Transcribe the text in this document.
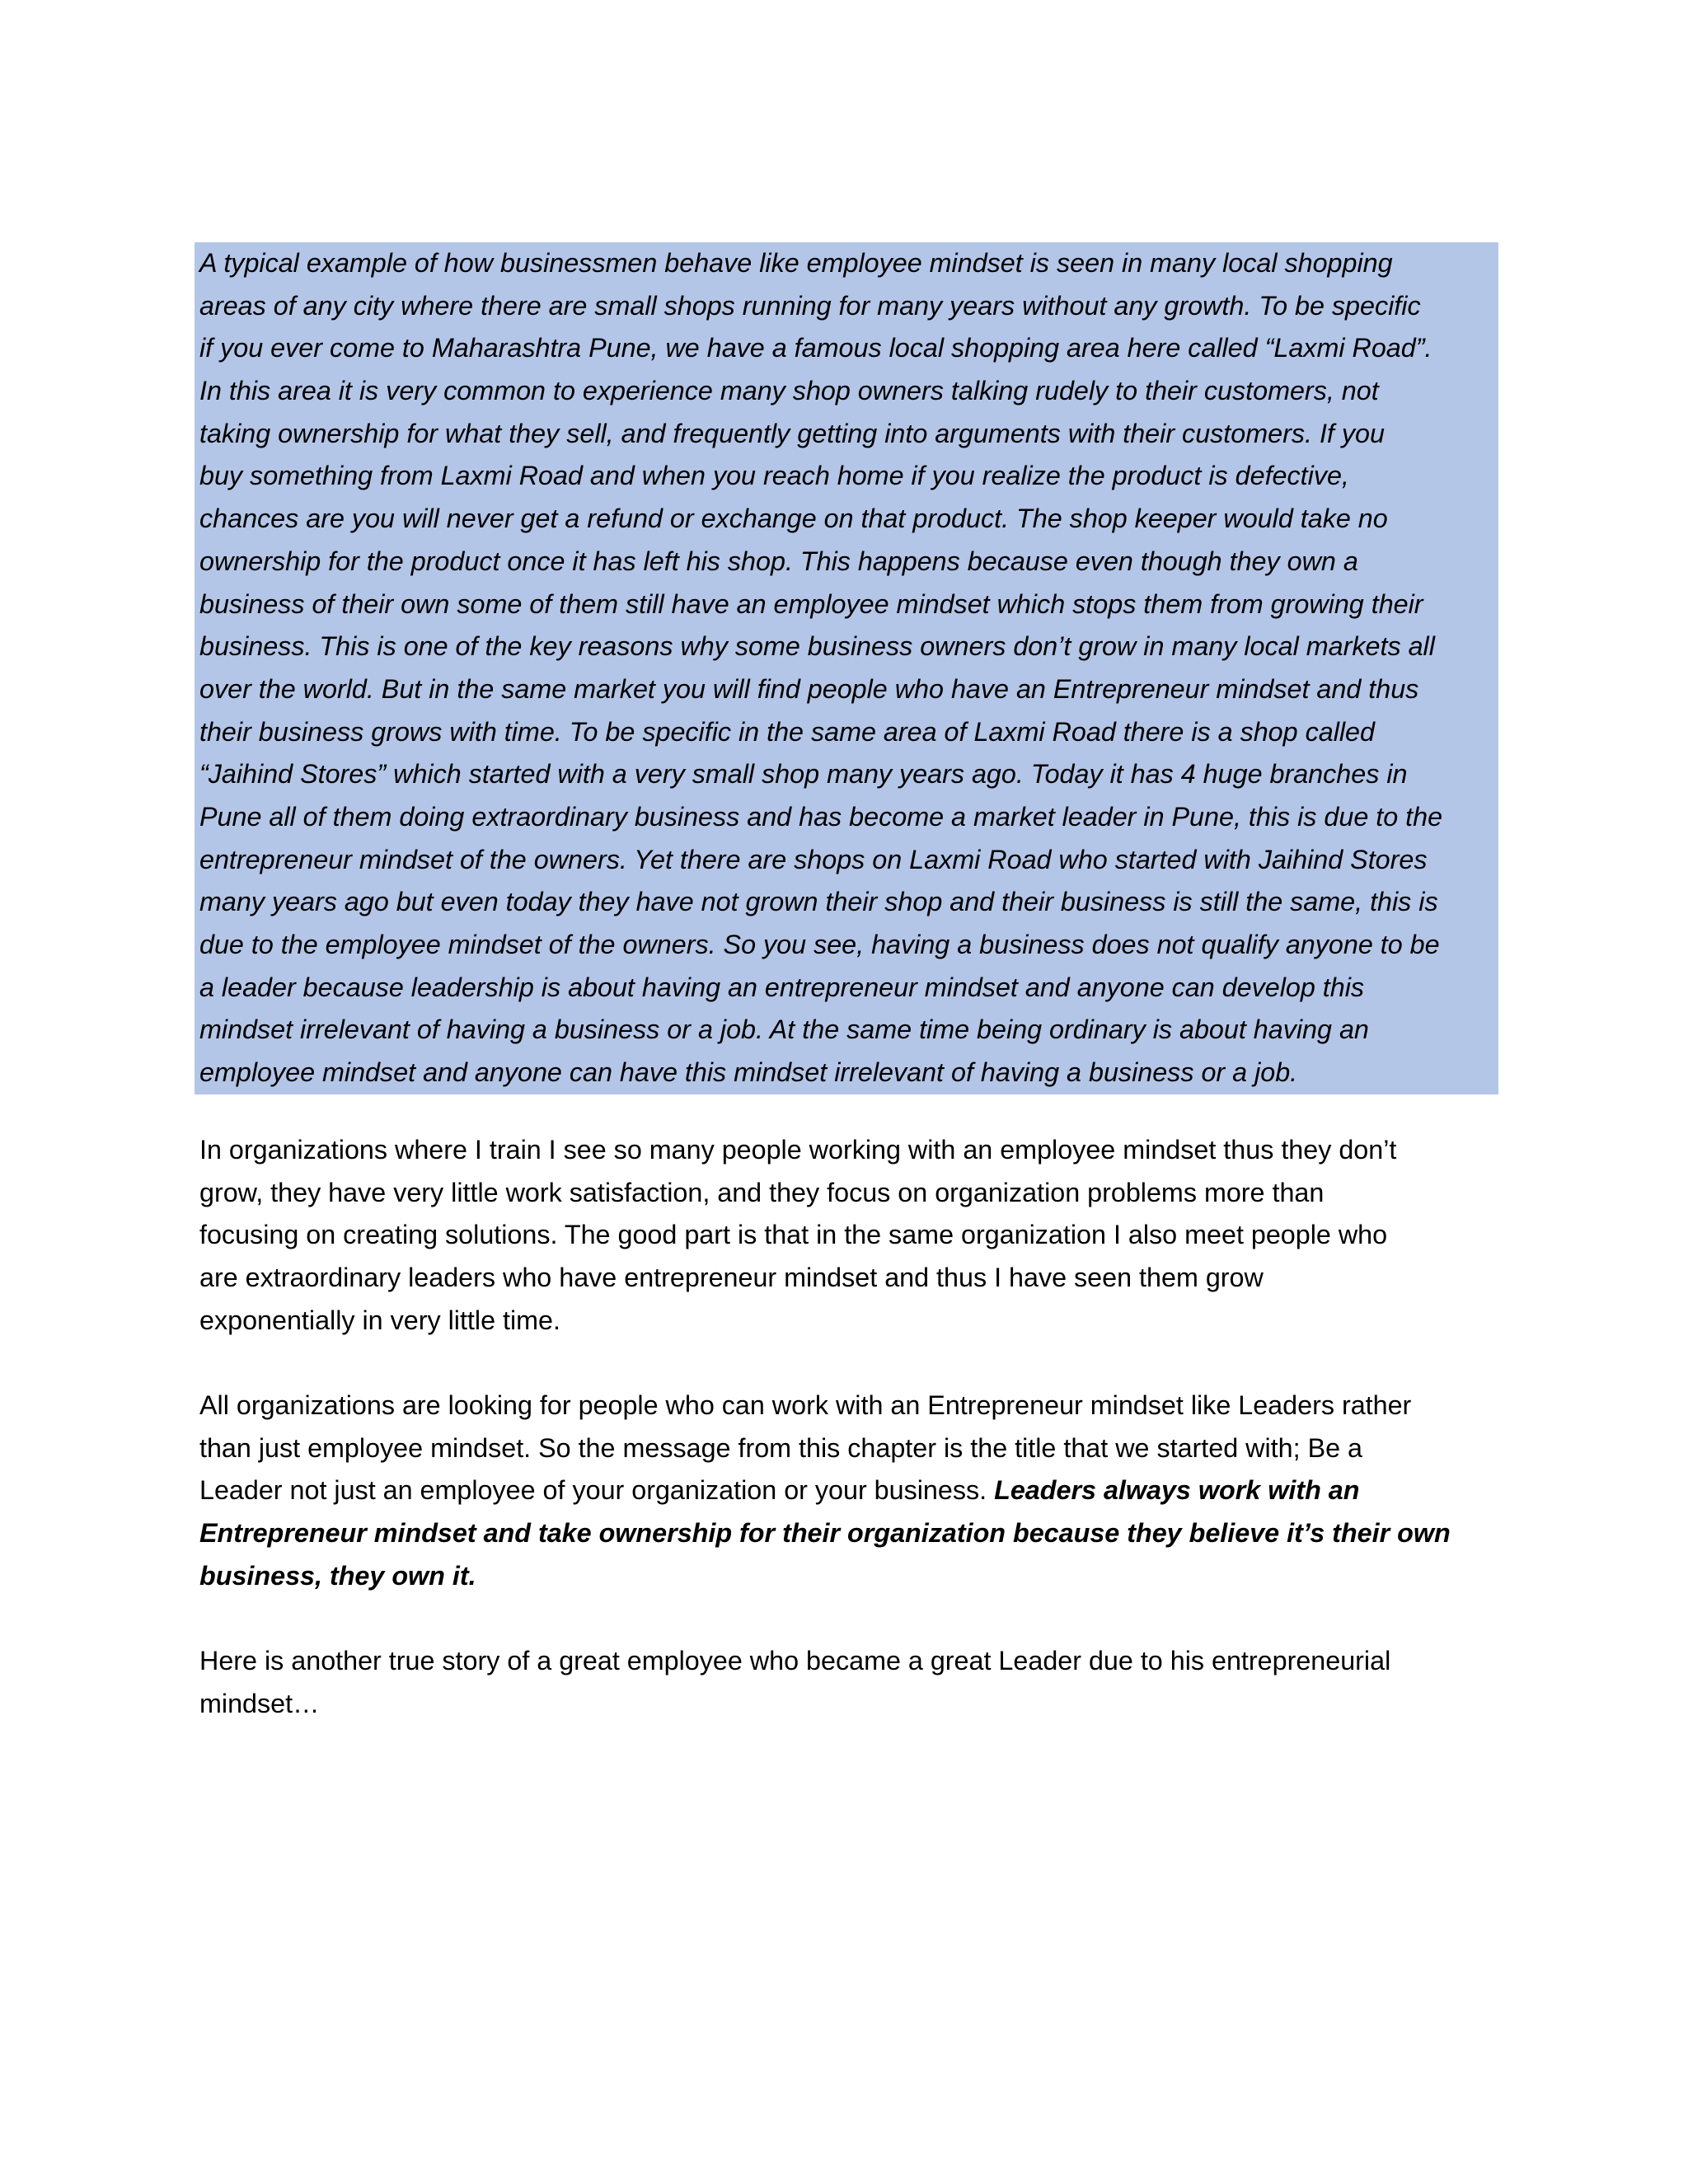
A typical example of how businessmen behave like employee mindset is seen in many local shopping
areas of any city where there are small shops running for many years without any growth. To be specific
if you ever come to Maharashtra Pune, we have a famous local shopping area here called “Laxmi Road”.
In this area it is very common to experience many shop owners talking rudely to their customers, not
taking ownership for what they sell, and frequently getting into arguments with their customers. If you
buy something from Laxmi Road and when you reach home if you realize the product is defective,
chances are you will never get a refund or exchange on that product. The shop keeper would take no
ownership for the product once it has left his shop. This happens because even though they own a
business of their own some of them still have an employee mindset which stops them from growing their
business. This is one of the key reasons why some business owners don’t grow in many local markets all
over the world. But in the same market you will find people who have an Entrepreneur mindset and thus
their business grows with time. To be specific in the same area of Laxmi Road there is a shop called
“Jaihind Stores” which started with a very small shop many years ago. Today it has 4 huge branches in
Pune all of them doing extraordinary business and has become a market leader in Pune, this is due to the
entrepreneur mindset of the owners. Yet there are shops on Laxmi Road who started with Jaihind Stores
many years ago but even today they have not grown their shop and their business is still the same, this is
due to the employee mindset of the owners. So you see, having a business does not qualify anyone to be
a leader because leadership is about having an entrepreneur mindset and anyone can develop this
mindset irrelevant of having a business or a job. At the same time being ordinary is about having an
employee mindset and anyone can have this mindset irrelevant of having a business or a job.
In organizations where I train I see so many people working with an employee mindset thus they don’t
grow, they have very little work satisfaction, and they focus on organization problems more than
focusing on creating solutions. The good part is that in the same organization I also meet people who
are extraordinary leaders who have entrepreneur mindset and thus I have seen them grow
exponentially in very little time.
All organizations are looking for people who can work with an Entrepreneur mindset like Leaders rather
than just employee mindset. So the message from this chapter is the title that we started with; Be a
Leader not just an employee of your organization or your business. Leaders always work with an
Entrepreneur mindset and take ownership for their organization because they believe it’s their own
business, they own it.
Here is another true story of a great employee who became a great Leader due to his entrepreneurial
mindset…
